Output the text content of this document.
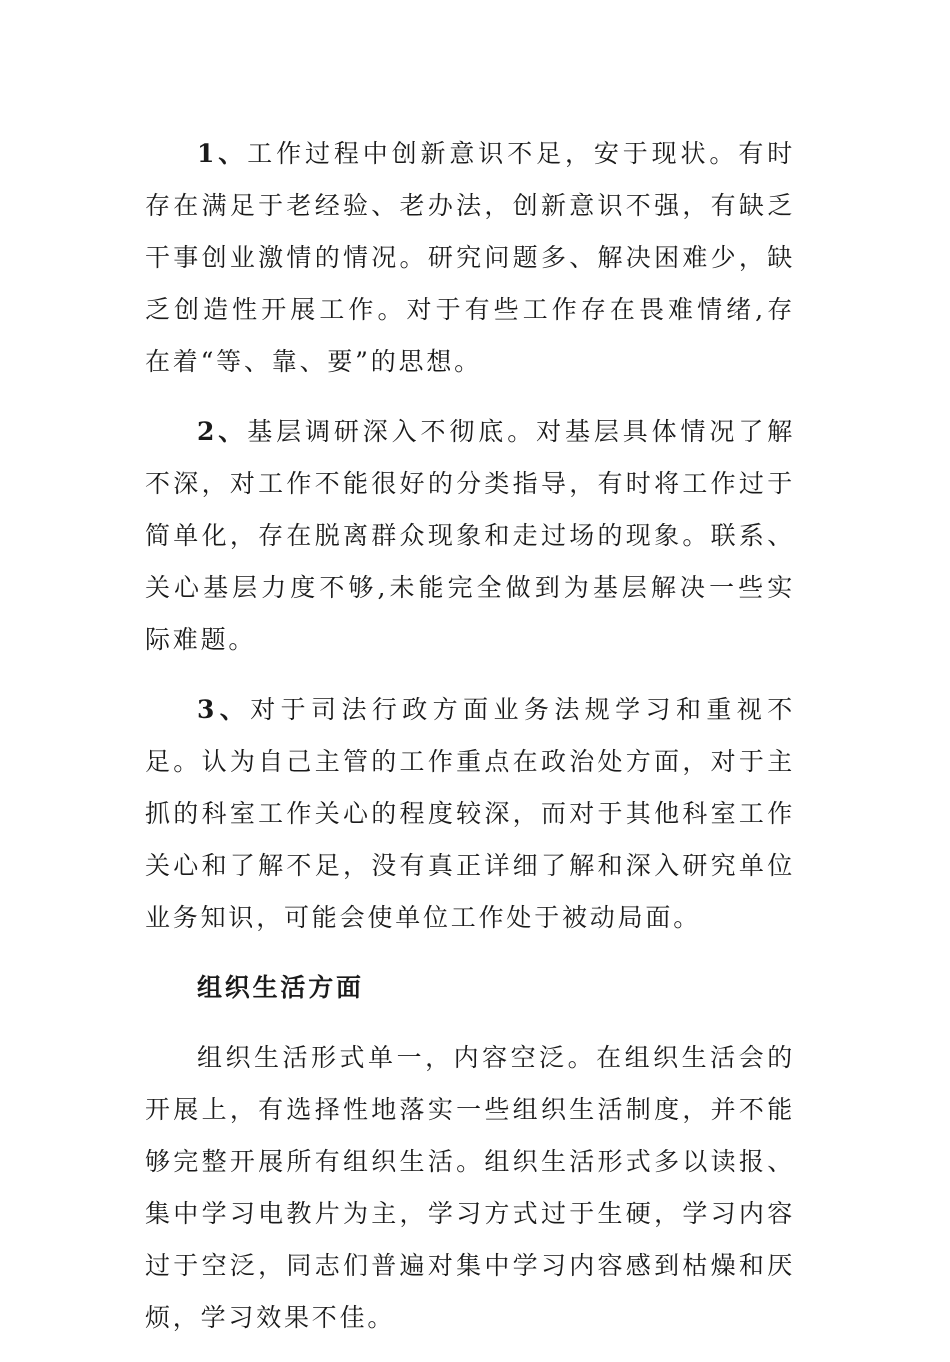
1、工作过程中创新意识不足，安于现状。有时存在满足于老经验、老办法，创新意识不强，有缺乏干事创业激情的情况。研究问题多、解决困难少，缺乏创造性开展工作。对于有些工作存在畏难情绪,存在着“等、靠、要”的思想。

2、基层调研深入不彻底。对基层具体情况了解不深，对工作不能很好的分类指导，有时将工作过于简单化，存在脱离群众现象和走过场的现象。联系、关心基层力度不够,未能完全做到为基层解决一些实际难题。

3、对于司法行政方面业务法规学习和重视不足。认为自己主管的工作重点在政治处方面，对于主抓的科室工作关心的程度较深，而对于其他科室工作关心和了解不足，没有真正详细了解和深入研究单位业务知识，可能会使单位工作处于被动局面。

组织生活方面

组织生活形式单一，内容空泛。在组织生活会的开展上，有选择性地落实一些组织生活制度，并不能够完整开展所有组织生活。组织生活形式多以读报、集中学习电教片为主，学习方式过于生硬，学习内容过于空泛，同志们普遍对集中学习内容感到枯燥和厌烦，学习效果不佳。
